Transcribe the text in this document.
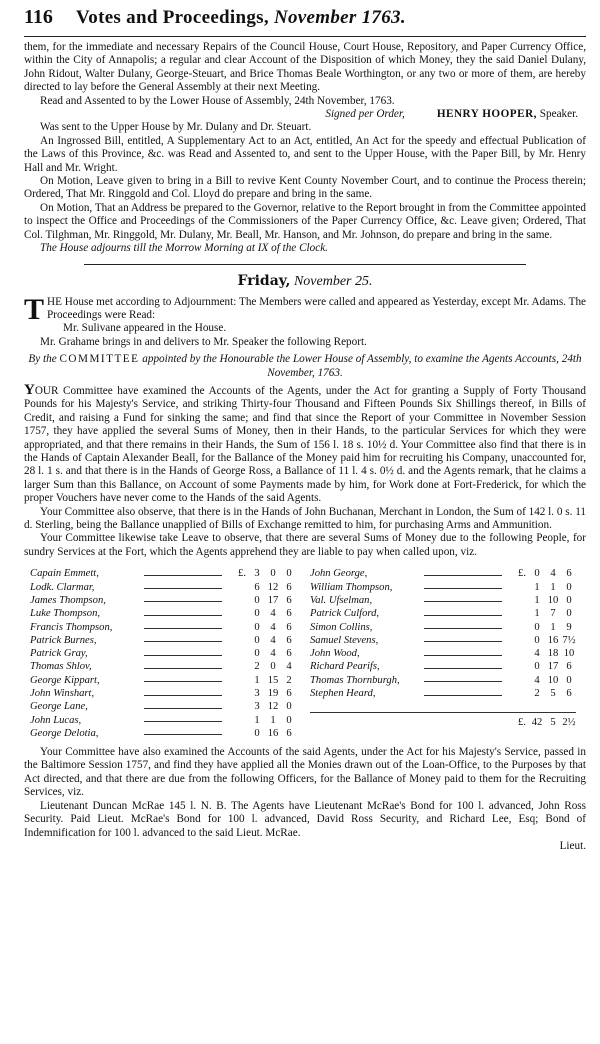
116	Votes and Proceedings, November 1763.

them, for the immediate and necessary Repairs of the Council House, Court House, Repository, and Paper Currency Office, within the City of Annapolis; a regular and clear Account of the Disposition of which Money, they the said Daniel Dulany, John Ridout, Walter Dulany, George-Steuart, and Brice Thomas Beale Worthington, or any two or more of them, are hereby directed to lay before the General Assembly at their next Meeting.

Read and Assented to by the Lower House of Assembly, 24th November, 1763.

Signed per Order,	HENRY HOOPER, Speaker.

Was sent to the Upper House by Mr. Dulany and Dr. Steuart.

An Ingrossed Bill, entitled, A Supplementary Act to an Act, entitled, An Act for the speedy and effectual Publication of the Laws of this Province, &c. was Read and Assented to, and sent to the Upper House, with the Paper Bill, by Mr. Henry Hall and Mr. Wright.

On Motion, Leave given to bring in a Bill to revive Kent County November Court, and to continue the Process therein; Ordered, That Mr. Ringgold and Col. Lloyd do prepare and bring in the same.

On Motion, That an Address be prepared to the Governor, relative to the Report brought in from the Committee appointed to inspect the Office and Proceedings of the Commissioners of the Paper Currency Office, &c. Leave given; Ordered, That Col. Tilghman, Mr. Ringgold, Mr. Dulany, Mr. Beall, Mr. Hanson, and Mr. Johnson, do prepare and bring in the same.

The House adjourns till the Morrow Morning at IX of the Clock.

Friday, November 25.

THE House met according to Adjournment: The Members were called and appeared as Yesterday, except Mr. Adams. The Proceedings were Read:

Mr. Sulivane appeared in the House.

Mr. Grahame brings in and delivers to Mr. Speaker the following Report.

By the COMMITTEE appointed by the Honourable the Lower House of Assembly, to examine the Agents Accounts, 24th November, 1763.

YOUR Committee have examined the Accounts of the Agents, under the Act for granting a Supply of Forty Thousand Pounds for his Majesty's Service, and striking Thirty-four Thousand and Fifteen Pounds Six Shillings thereof, in Bills of Credit, and raising a Fund for sinking the same; and find that since the Report of your Committee in November Session 1757, they have applied the several Sums of Money, then in their Hands, to the particular Services for which they were appropriated, and that there remains in their Hands, the Sum of 156 l. 18 s. 10½ d. Your Committee also find that there is in the Hands of Captain Alexander Beall, for the Ballance of the Money paid him for recruiting his Company, unaccounted for, 28 l. 1 s. and that there is in the Hands of George Ross, a Ballance of 11 l. 4 s. 0½ d. and the Agents remark, that he claims a larger Sum than this Ballance, on Account of some Payments made by him, for Work done at Fort-Frederick, for which the proper Vouchers have never come to the Hands of the said Agents.

Your Committee also observe, that there is in the Hands of John Buchanan, Merchant in London, the Sum of 142 l. 0 s. 11 d. Sterling, being the Ballance unapplied of Bills of Exchange remitted to him, for purchasing Arms and Ammunition.

Your Committee likewise take Leave to observe, that there are several Sums of Money due to the following People, for sundry Services at the Fort, which the Agents apprehend they are liable to pay when called upon, viz.

Capain Emmett,	£. 3	0	0
Lodk. Clarmar,	6 12 6
James Thompson,	0 17 6
Luke Thompson,	0	4	6
Francis Thompson,	0	4	6
Patrick Burnes,	0	4	6
Patrick Gray,	0	4	6
Thomas Shlov,	2	0	4
George Kippart,	1 15 2
John Winshart,	3 19 6
George Lane,	3 12 0
John Lucas,	1	1	0
George Delotia,	0 16 6
John George,	£. 0	4	6
William Thompson,	1	1	0
Val. Ufselman,	1 10 0
Patrick Culford,	1	7	0
Simon Collins,	0	1	9
Samuel Stevens,	0 16 7½
John Wood,	4 18 10
Richard Pearifs,	0 17 6
Thomas Thornburgh,	4 10 0
Stephen Heard,	2	5	6
£. 42 5 2½

Your Committee have also examined the Accounts of the said Agents, under the Act for his Majesty's Service, passed in the Baltimore Session 1757, and find they have applied all the Monies drawn out of the Loan-Office, to the Purposes by that Act directed, and that there are due from the following Officers, for the Ballance of Money paid to them for the Recruiting Services, viz.

Lieutenant Duncan McRae 145 l. N. B. The Agents have Lieutenant McRae's Bond for 100 l. advanced, John Ross Security. Paid Lieut. McRae's Bond for 100 l. advanced, David Ross Security, and Richard Lee, Esq; Bond of Indemnification for 100 l. advanced to the said Lieut. McRae.

Lieut.
